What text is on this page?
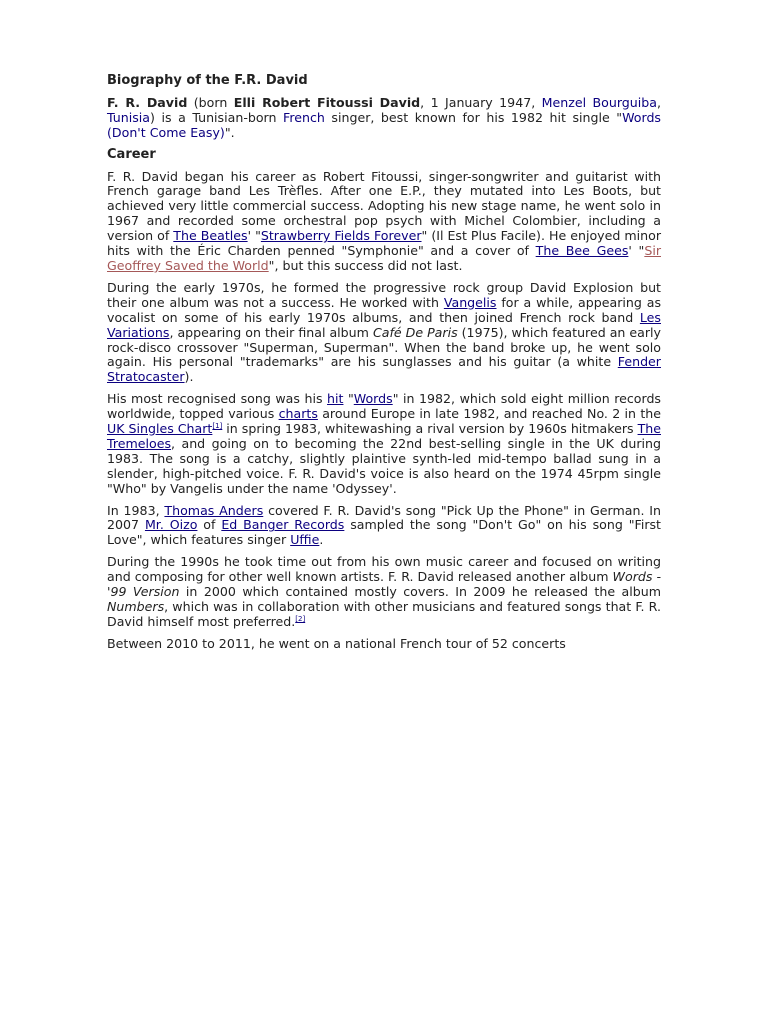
Biography of the F.R. David

F. R. David (born Elli Robert Fitoussi David, 1 January 1947, Menzel Bourguiba, Tunisia) is a Tunisian-born French singer, best known for his 1982 hit single "Words (Don't Come Easy)".

Career

F. R. David began his career as Robert Fitoussi, singer-songwriter and guitarist with French garage band Les Trèfles. After one E.P., they mutated into Les Boots, but achieved very little commercial success. Adopting his new stage name, he went solo in 1967 and recorded some orchestral pop psych with Michel Colombier, including a version of The Beatles' "Strawberry Fields Forever" (Il Est Plus Facile). He enjoyed minor hits with the Éric Charden penned "Symphonie" and a cover of The Bee Gees' "Sir Geoffrey Saved the World", but this success did not last.

During the early 1970s, he formed the progressive rock group David Explosion but their one album was not a success. He worked with Vangelis for a while, appearing as vocalist on some of his early 1970s albums, and then joined French rock band Les Variations, appearing on their final album Café De Paris (1975), which featured an early rock-disco crossover "Superman, Superman". When the band broke up, he went solo again. His personal "trademarks" are his sunglasses and his guitar (a white Fender Stratocaster).

His most recognised song was his hit "Words" in 1982, which sold eight million records worldwide, topped various charts around Europe in late 1982, and reached No. 2 in the UK Singles Chart[1] in spring 1983, whitewashing a rival version by 1960s hitmakers The Tremeloes, and going on to becoming the 22nd best-selling single in the UK during 1983. The song is a catchy, slightly plaintive synth-led mid-tempo ballad sung in a slender, high-pitched voice. F. R. David's voice is also heard on the 1974 45rpm single "Who" by Vangelis under the name 'Odyssey'.

In 1983, Thomas Anders covered F. R. David's song "Pick Up the Phone" in German. In 2007 Mr. Oizo of Ed Banger Records sampled the song "Don't Go" on his song "First Love", which features singer Uffie.

During the 1990s he took time out from his own music career and focused on writing and composing for other well known artists. F. R. David released another album Words - '99 Version in 2000 which contained mostly covers. In 2009 he released the album Numbers, which was in collaboration with other musicians and featured songs that F. R. David himself most preferred.[2]

Between 2010 to 2011, he went on a national French tour of 52 concerts
